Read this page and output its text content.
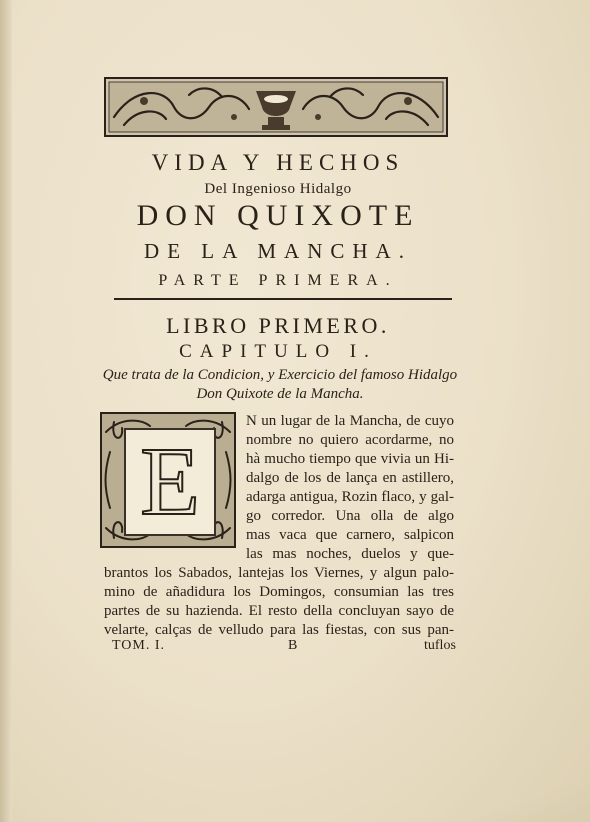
VIDA Y HECHOS
Del Ingenioso Hidalgo
DON QUIXOTE
DE LA MANCHA.
PARTE PRIMERA.
LIBRO PRIMERO.
CAPITULO I.
Que trata de la Condicion, y Exercicio del famoso Hidalgo
Don Quixote de la Mancha.
E
N un lugar de la Mancha, de cuyo
nombre no quiero acordarme, no
hà mucho tiempo que vivia un Hi-
dalgo de los de lança en astillero,
adarga antigua, Rozin flaco, y gal-
go corredor. Una olla de algo
mas vaca que carnero, salpicon
las mas noches, duelos y que-
brantos los Sabados, lantejas los Viernes, y algun palo-
mino de añadidura los Domingos, consumian las tres
partes de su hazienda. El resto della concluyan sayo de
velarte, calças de velludo para las fiestas, con sus pan-
TOM. I.	B	tuflos
